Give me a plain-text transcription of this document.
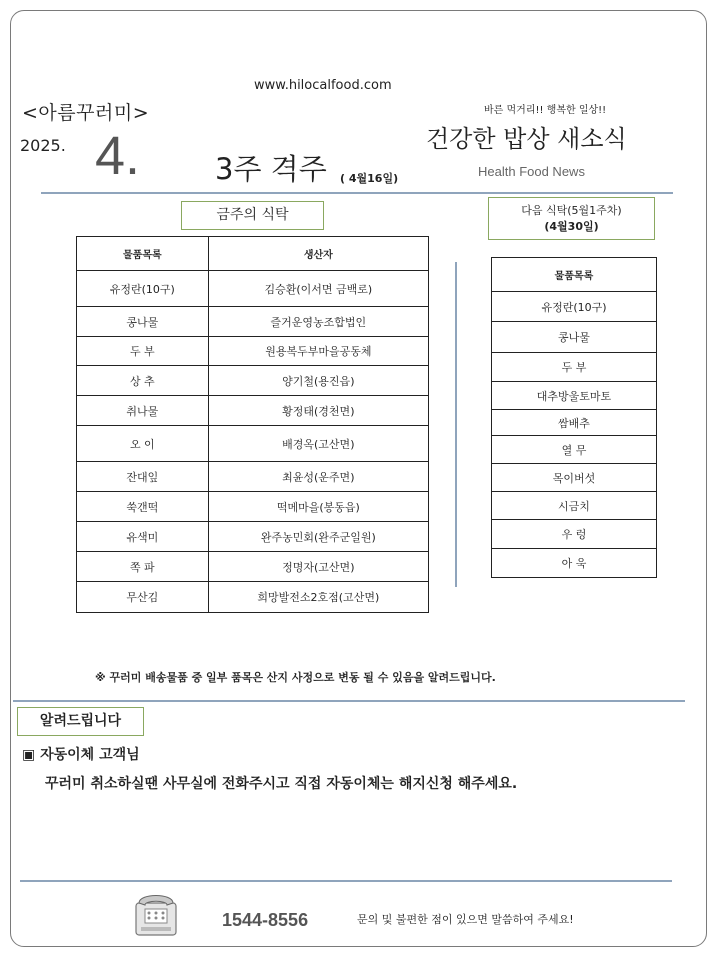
www.hilocalfood.com
<아름꾸러미>
2025. 4.	3주 격주 ( 4월16일)
바른 먹거리!! 행복한 일상!!
건강한 밥상 새소식
Health Food News
금주의 식탁	다음 식탁(5월1주차)
(4월30일)
물품목록	생산자
유정란(10구)	김승환(이서면 금백로)
콩나물	즐거운영농조합법인
두 부	원용복두부마을공동체
상 추	양기철(용진읍)
취나물	황정태(경천면)
오 이	배경옥(고산면)
잔대잎	최윤성(운주면)
쑥갠떡	떡메마을(봉동읍)
유색미	완주농민회(완주군일원)
쪽 파	정명자(고산면)
무산김	희망발전소2호점(고산면)
물품목록
유정란(10구)
콩나물
두 부
대추방울토마토
쌈배추
열 무
목이버섯
시금치
우 렁
아 욱
※ 꾸러미 배송물품 중 일부 품목은 산지 사정으로 변동 될 수 있음을 알려드립니다.
알려드립니다
▣ 자동이체 고객님
꾸러미 취소하실땐 사무실에 전화주시고 직접 자동이체는 해지신청 해주세요.
1544-8556	문의 및 불편한 점이 있으면 말씀하여 주세요!
